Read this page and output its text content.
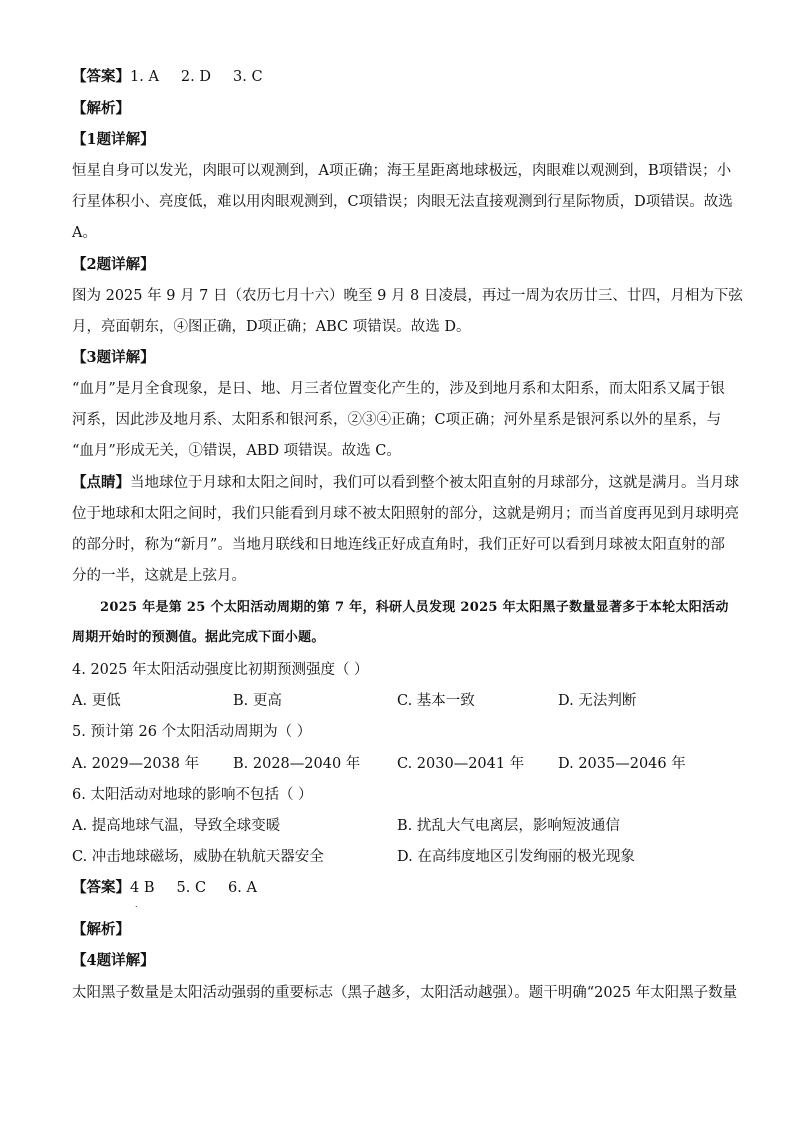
【答案】1. A 2. D 3. C
【解析】
【1题详解】
恒星自身可以发光，肉眼可以观测到，A项正确；海王星距离地球极远，肉眼难以观测到，B项错误；小
行星体积小、亮度低，难以用肉眼观测到，C项错误；肉眼无法直接观测到行星际物质，D项错误。故选
A。
【2题详解】
图为 2025 年 9 月 7 日（农历七月十六）晚至 9 月 8 日凌晨，再过一周为农历廿三、廿四，月相为下弦
月，亮面朝东，④图正确，D项正确；ABC 项错误。故选 D。
【3题详解】
“血月”是月全食现象，是日、地、月三者位置变化产生的，涉及到地月系和太阳系，而太阳系又属于银
河系，因此涉及地月系、太阳系和银河系，②③④正确；C项正确；河外星系是银河系以外的星系，与
“血月”形成无关，①错误，ABD 项错误。故选 C。
【点睛】当地球位于月球和太阳之间时，我们可以看到整个被太阳直射的月球部分，这就是满月。当月球
位于地球和太阳之间时，我们只能看到月球不被太阳照射的部分，这就是朔月；而当首度再见到月球明亮
的部分时，称为“新月”。当地月联线和日地连线正好成直角时，我们正好可以看到月球被太阳直射的部
分的一半，这就是上弦月。
2025 年是第 25 个太阳活动周期的第 7 年，科研人员发现 2025 年太阳黑子数量显著多于本轮太阳活动
周期开始时的预测值。据此完成下面小题。
4. 2025 年太阳活动强度比初期预测强度（ ）
A. 更低	B. 更高	C. 基本一致	D. 无法判断
5. 预计第 26 个太阳活动周期为（ ）
A. 2029—2038 年 B. 2028—2040 年	C. 2030—2041 年 D. 2035—2046 年
6. 太阳活动对地球的影响不包括（ ）
A. 提高地球气温，导致全球变暖	B. 扰乱大气电离层，影响短波通信
C. 冲击地球磁场，威胁在轨航天器安全	D. 在高纬度地区引发绚丽的极光现象
【答案】4 B 5. C 6. A
.
【解析】
【4题详解】
太阳黑子数量是太阳活动强弱的重要标志（黑子越多，太阳活动越强）。题干明确“2025 年太阳黑子数量
